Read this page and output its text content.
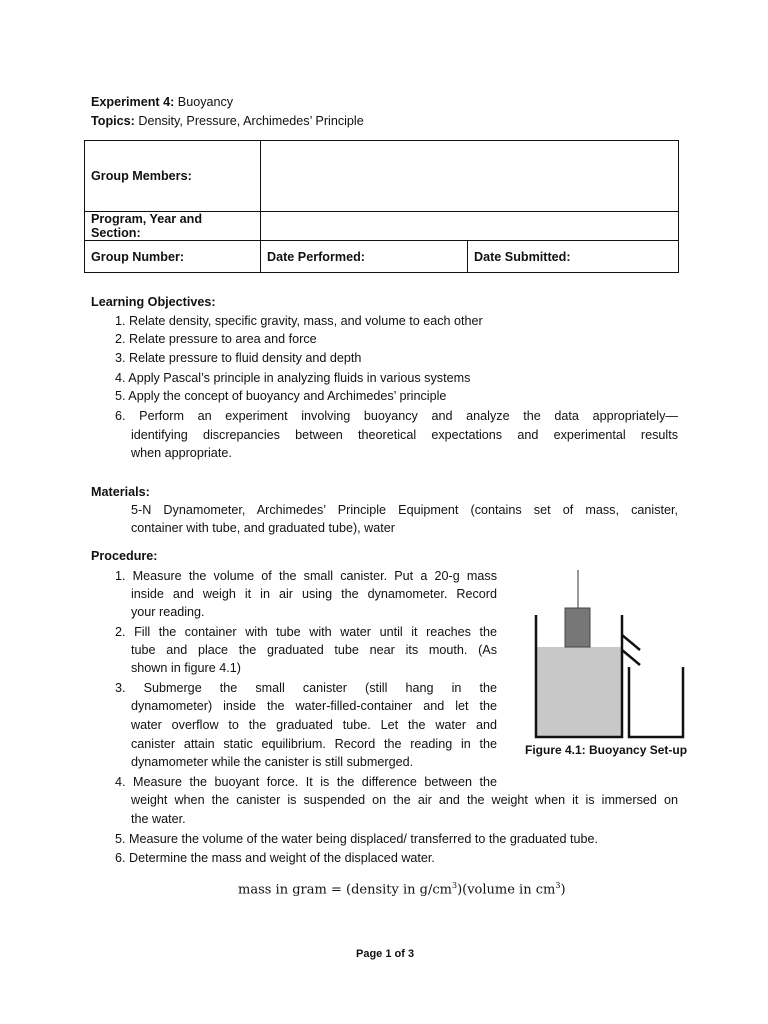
Experiment 4: Buoyancy
Topics: Density, Pressure, Archimedes’ Principle
Group Members:		
Program, Year and Section:		
Group Number:	Date Performed:	Date Submitted:
Learning Objectives:
1. Relate density, specific gravity, mass, and volume to each other
2. Relate pressure to area and force
3. Relate pressure to fluid density and depth
4. Apply Pascal’s principle in analyzing fluids in various systems
5. Apply the concept of buoyancy and Archimedes’ principle
6. Perform an experiment involving buoyancy and analyze the data appropriately—
identifying discrepancies between theoretical expectations and experimental results
when appropriate.
Materials:
5-N Dynamometer, Archimedes’ Principle Equipment (contains set of mass, canister,
container with tube, and graduated tube), water
Procedure:
1. Measure the volume of the small canister. Put a 20-g mass
inside and weigh it in air using the dynamometer. Record
your reading.
2. Fill the container with tube with water until it reaches the
tube and place the graduated tube near its mouth. (As
shown in figure 4.1)
3. Submerge the small canister (still hang in the
dynamometer) inside the water-filled-container and let the
water overflow to the graduated tube. Let the water and
canister attain static equilibrium. Record the reading in the
dynamometer while the canister is still submerged.
4. Measure the buoyant force. It is the difference between the
weight when the canister is suspended on the air and the weight when it is immersed on
the water.
5. Measure the volume of the water being displaced/ transferred to the graduated tube.
6. Determine the mass and weight of the displaced water.
Figure 4.1: Buoyancy Set-up
mass in gram = (density in $g/cm^3)(volume$ in $cm^3$)
Page 1 of 3
